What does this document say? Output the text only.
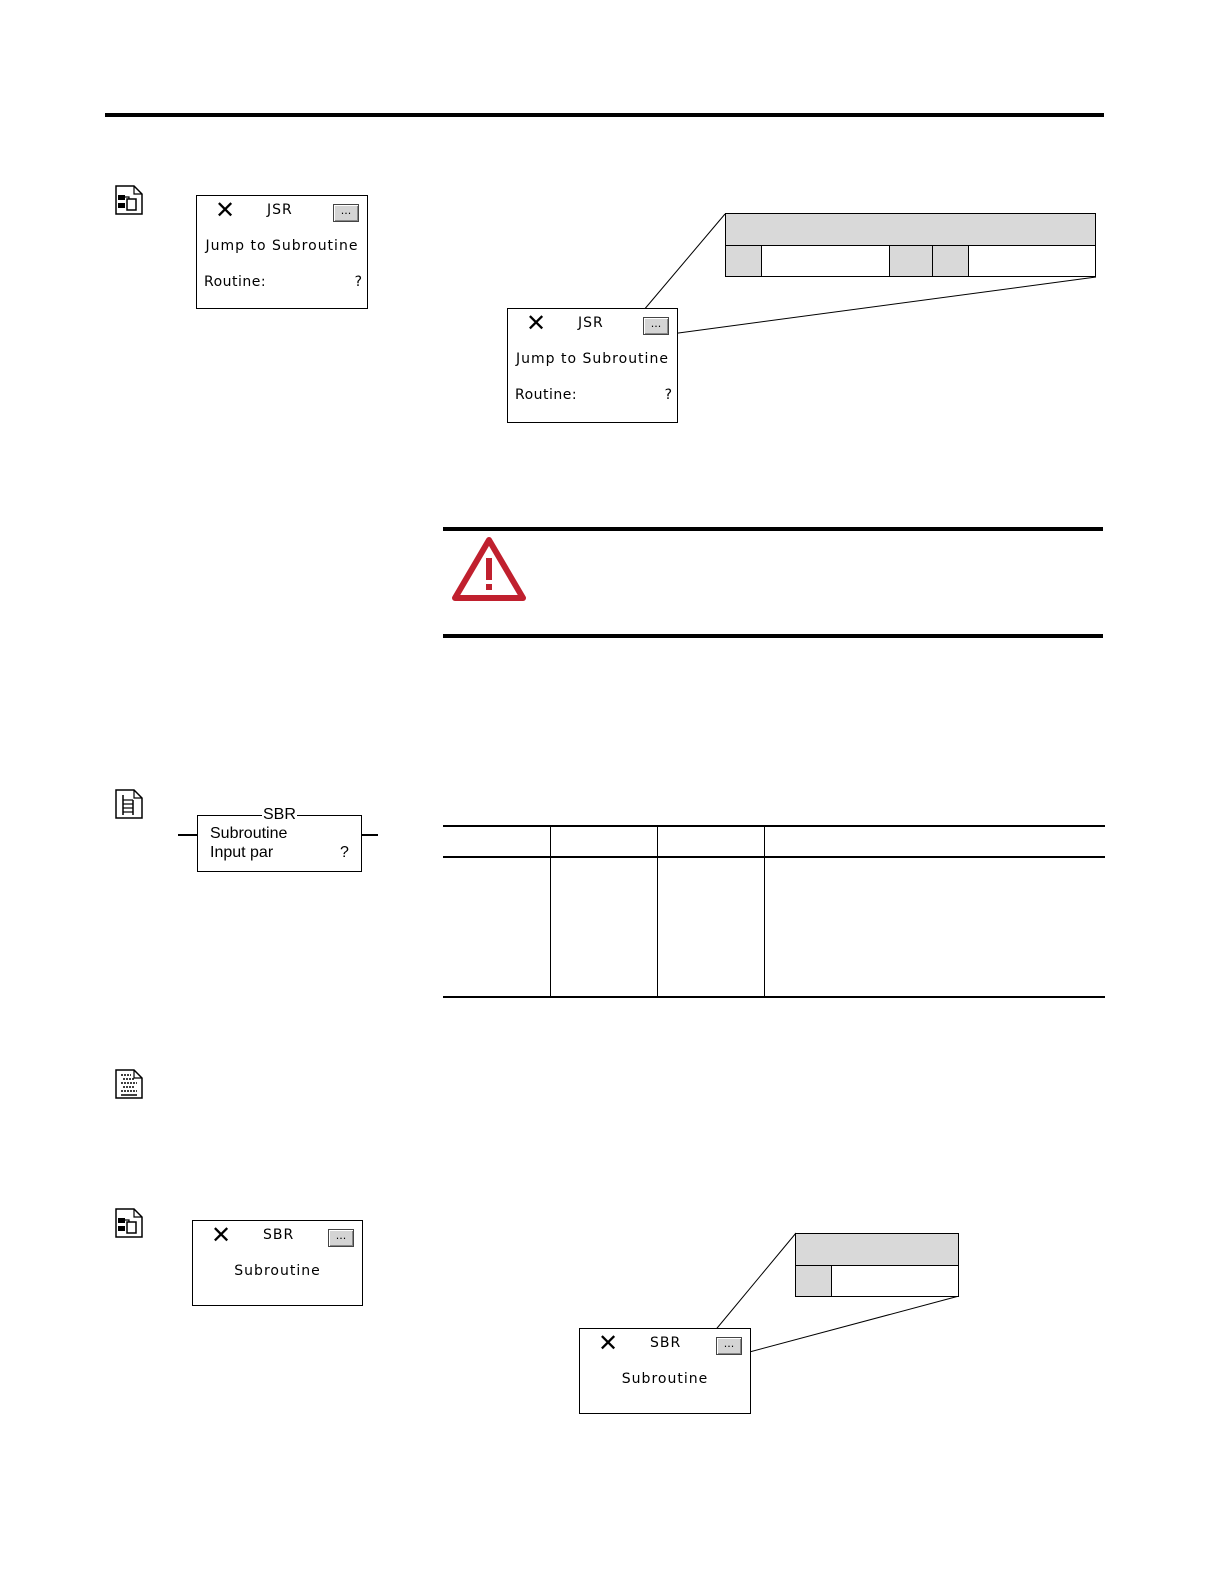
✕ JSR	...
Jump to Subroutine
Routine:	?
✕ JSR	...
Jump to Subroutine
Routine:	?
SBR
Subroutine
Input par	?
✕ SBR	...
Subroutine
✕ SBR	...
Subroutine
